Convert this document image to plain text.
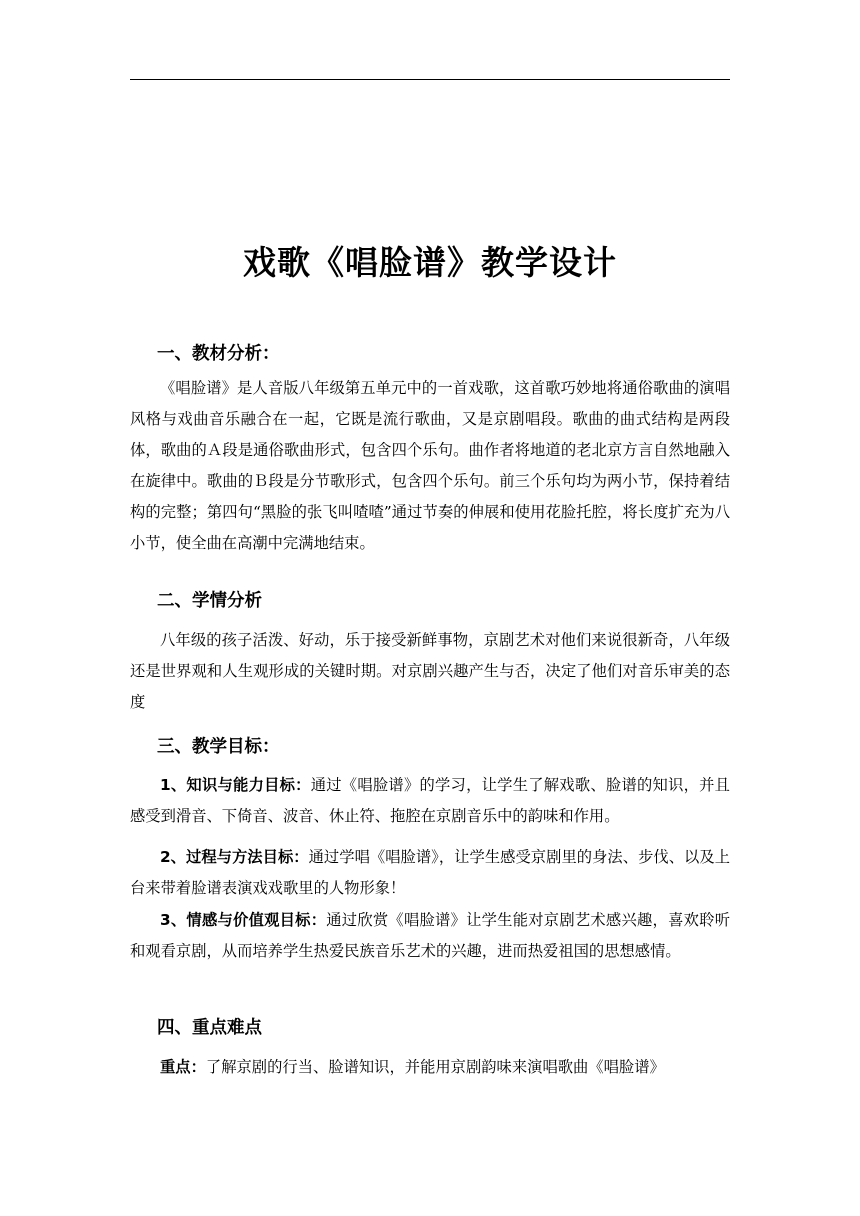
戏歌《唱脸谱》教学设计
一、教材分析：

《唱脸谱》是人音版八年级第五单元中的一首戏歌，这首歌巧妙地将通俗歌曲的演唱风格与戏曲音乐融合在一起，它既是流行歌曲，又是京剧唱段。歌曲的曲式结构是两段体，歌曲的Ａ段是通俗歌曲形式，包含四个乐句。曲作者将地道的老北京方言自然地融入在旋律中。歌曲的Ｂ段是分节歌形式，包含四个乐句。前三个乐句均为两小节，保持着结构的完整；第四句“黑脸的张飞叫喳喳”通过节奏的伸展和使用花脸托腔，将长度扩充为八小节，使全曲在高潮中完满地结束。

二、学情分析

八年级的孩子活泼、好动，乐于接受新鲜事物，京剧艺术对他们来说很新奇，八年级还是世界观和人生观形成的关键时期。对京剧兴趣产生与否，决定了他们对音乐审美的态度

三、教学目标：

1、知识与能力目标：通过《唱脸谱》的学习，让学生了解戏歌、脸谱的知识，并且感受到滑音、下倚音、波音、休止符、拖腔在京剧音乐中的韵味和作用。

2、过程与方法目标：通过学唱《唱脸谱》，让学生感受京剧里的身法、步伐、以及上台来带着脸谱表演戏戏歌里的人物形象！

3、情感与价值观目标：通过欣赏《唱脸谱》让学生能对京剧艺术感兴趣，喜欢聆听和观看京剧，从而培养学生热爱民族音乐艺术的兴趣，进而热爱祖国的思想感情。

四、重点难点

重点：了解京剧的行当、脸谱知识，并能用京剧韵味来演唱歌曲《唱脸谱》
